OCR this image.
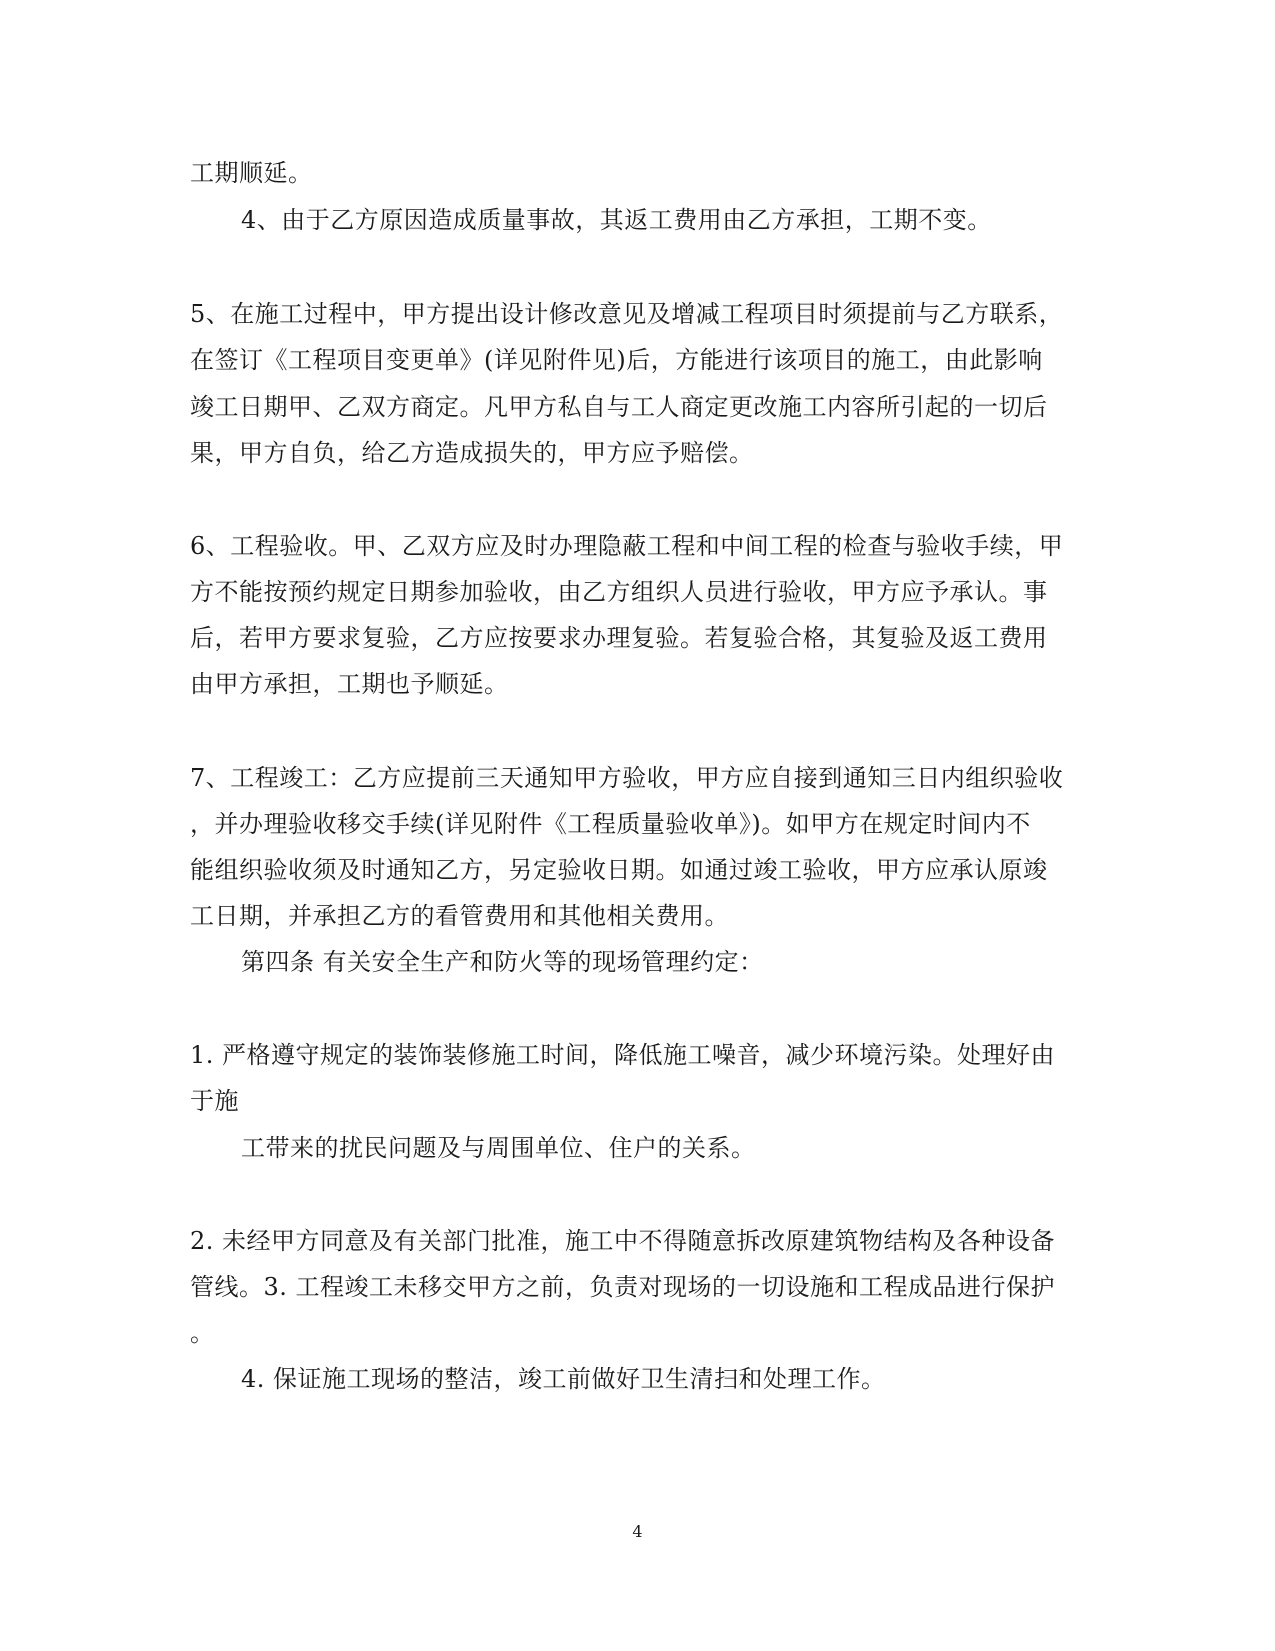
工期顺延。
4、由于乙方原因造成质量事故，其返工费用由乙方承担，工期不变。
5、在施工过程中，甲方提出设计修改意见及增减工程项目时须提前与乙方联系，
在签订《工程项目变更单》(详见附件见)后，方能进行该项目的施工，由此影响
竣工日期甲、乙双方商定。凡甲方私自与工人商定更改施工内容所引起的一切后
果，甲方自负，给乙方造成损失的，甲方应予赔偿。
6、工程验收。甲、乙双方应及时办理隐蔽工程和中间工程的检查与验收手续，甲
方不能按预约规定日期参加验收，由乙方组织人员进行验收，甲方应予承认。事
后，若甲方要求复验，乙方应按要求办理复验。若复验合格，其复验及返工费用
由甲方承担，工期也予顺延。
7、工程竣工：乙方应提前三天通知甲方验收，甲方应自接到通知三日内组织验收
，并办理验收移交手续(详见附件《工程质量验收单》)。如甲方在规定时间内不
能组织验收须及时通知乙方，另定验收日期。如通过竣工验收，甲方应承认原竣
工日期，并承担乙方的看管费用和其他相关费用。
第四条 有关安全生产和防火等的现场管理约定：
1. 严格遵守规定的装饰装修施工时间，降低施工噪音，减少环境污染。处理好由
于施
工带来的扰民问题及与周围单位、住户的关系。
2. 未经甲方同意及有关部门批准，施工中不得随意拆改原建筑物结构及各种设备
管线。3. 工程竣工未移交甲方之前，负责对现场的一切设施和工程成品进行保护
。
4. 保证施工现场的整洁，竣工前做好卫生清扫和处理工作。
4
